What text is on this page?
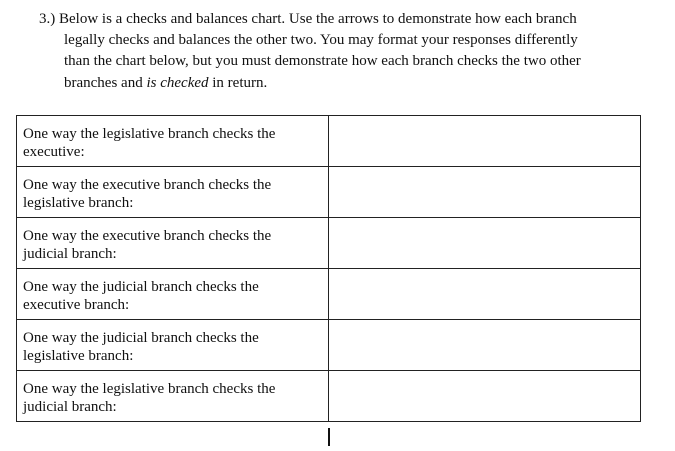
3.) Below is a checks and balances chart. Use the arrows to demonstrate how each branch
legally checks and balances the other two. You may format your responses differently
than the chart below, but you must demonstrate how each branch checks the two other
branches and is checked in return.
One way the legislative branch checks the
executive:	

One way the executive branch checks the
legislative branch:	

One way the executive branch checks the
judicial branch:	

One way the judicial branch checks the
executive branch:	

One way the judicial branch checks the
legislative branch:	

One way the legislative branch checks the
judicial branch:	
